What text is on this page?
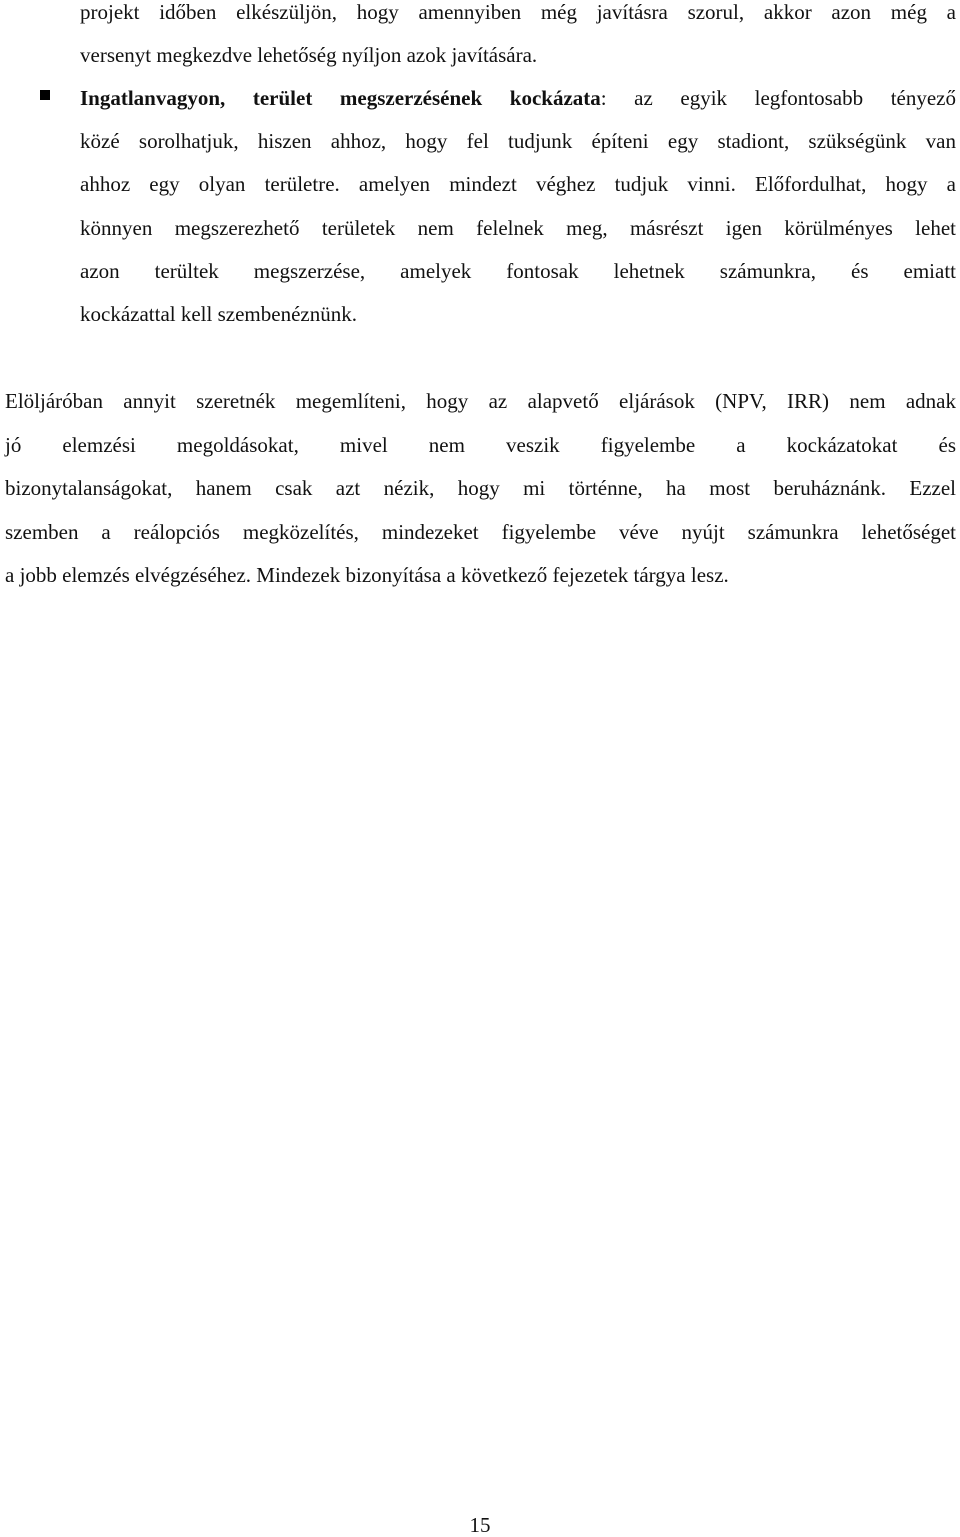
projekt időben elkészüljön, hogy amennyiben még javításra szorul, akkor azon még a
versenyt megkezdve lehetőség nyíljon azok javítására.
Ingatlanvagyon, terület megszerzésének kockázata: az egyik legfontosabb tényező
közé sorolhatjuk, hiszen ahhoz, hogy fel tudjunk építeni egy stadiont, szükségünk van
ahhoz egy olyan területre. amelyen mindezt véghez tudjuk vinni. Előfordulhat, hogy a
könnyen megszerezhető területek nem felelnek meg, másrészt igen körülményes lehet
azon terültek megszerzése, amelyek fontosak lehetnek számunkra, és emiatt
kockázattal kell szembenéznünk.
Elöljáróban annyit szeretnék megemlíteni, hogy az alapvető eljárások (NPV, IRR) nem adnak
jó elemzési megoldásokat, mivel nem veszik figyelembe a kockázatokat és
bizonytalanságokat, hanem csak azt nézik, hogy mi történne, ha most beruháznánk. Ezzel
szemben a reálopciós megközelítés, mindezeket figyelembe véve nyújt számunkra lehetőséget
a jobb elemzés elvégzéséhez. Mindezek bizonyítása a következő fejezetek tárgya lesz.
15
